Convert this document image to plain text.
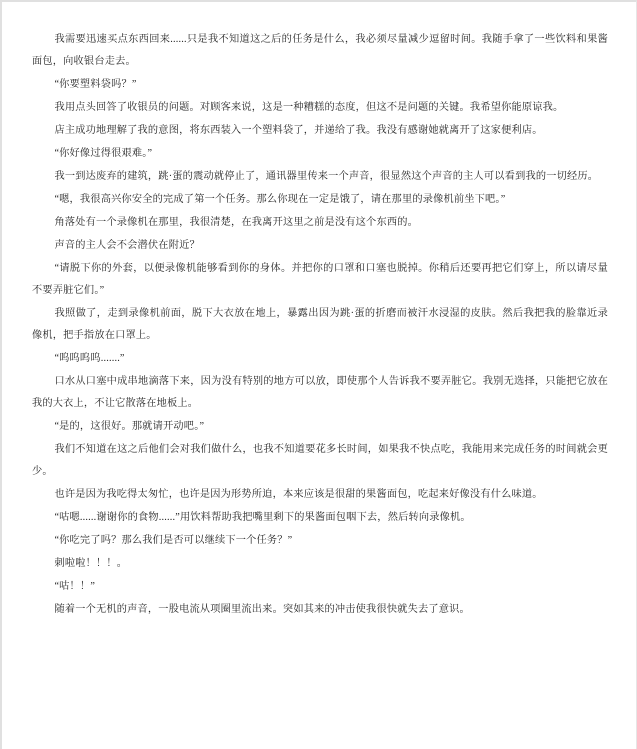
我需要迅速买点东西回来......只是我不知道这之后的任务是什么，我必须尽量减少逗留时间。我随手拿了一些饮料和果酱面包，向收银台走去。

“你要塑料袋吗？”

我用点头回答了收银员的问题。对顾客来说，这是一种糟糕的态度，但这不是问题的关键。我希望你能原谅我。

店主成功地理解了我的意图，将东西装入一个塑料袋了，并递给了我。我没有感谢她就离开了这家便利店。

“你好像过得很艰难。”

我一到达废弃的建筑，跳·蛋的震动就停止了，通讯器里传来一个声音，很显然这个声音的主人可以看到我的一切经历。

“嗯，我很高兴你安全的完成了第一个任务。那么你现在一定是饿了，请在那里的录像机前坐下吧。”

角落处有一个录像机在那里，我很清楚，在我离开这里之前是没有这个东西的。

声音的主人会不会潜伏在附近？

“请脱下你的外套，以便录像机能够看到你的身体。并把你的口罩和口塞也脱掉。你稍后还要再把它们穿上，所以请尽量不要弄脏它们。”

我照做了，走到录像机前面，脱下大衣放在地上，暴露出因为跳·蛋的折磨而被汗水浸湿的皮肤。然后我把我的脸靠近录像机，把手指放在口罩上。

“呜呜呜呜.......”

口水从口塞中成串地滴落下来，因为没有特别的地方可以放，即使那个人告诉我不要弄脏它。我别无选择，只能把它放在我的大衣上，不让它散落在地板上。

“是的，这很好。那就请开动吧。”

我们不知道在这之后他们会对我们做什么，也我不知道要花多长时间，如果我不快点吃，我能用来完成任务的时间就会更少。

也许是因为我吃得太匆忙，也许是因为形势所迫，本来应该是很甜的果酱面包，吃起来好像没有什么味道。

“咕嗯......谢谢你的食物......”用饮料帮助我把嘴里剩下的果酱面包咽下去，然后转向录像机。

“你吃完了吗？那么我们是否可以继续下一个任务？”

刺啦啦！！！。

“咕！！”

随着一个无机的声音，一股电流从项圈里流出来。突如其来的冲击使我很快就失去了意识。
